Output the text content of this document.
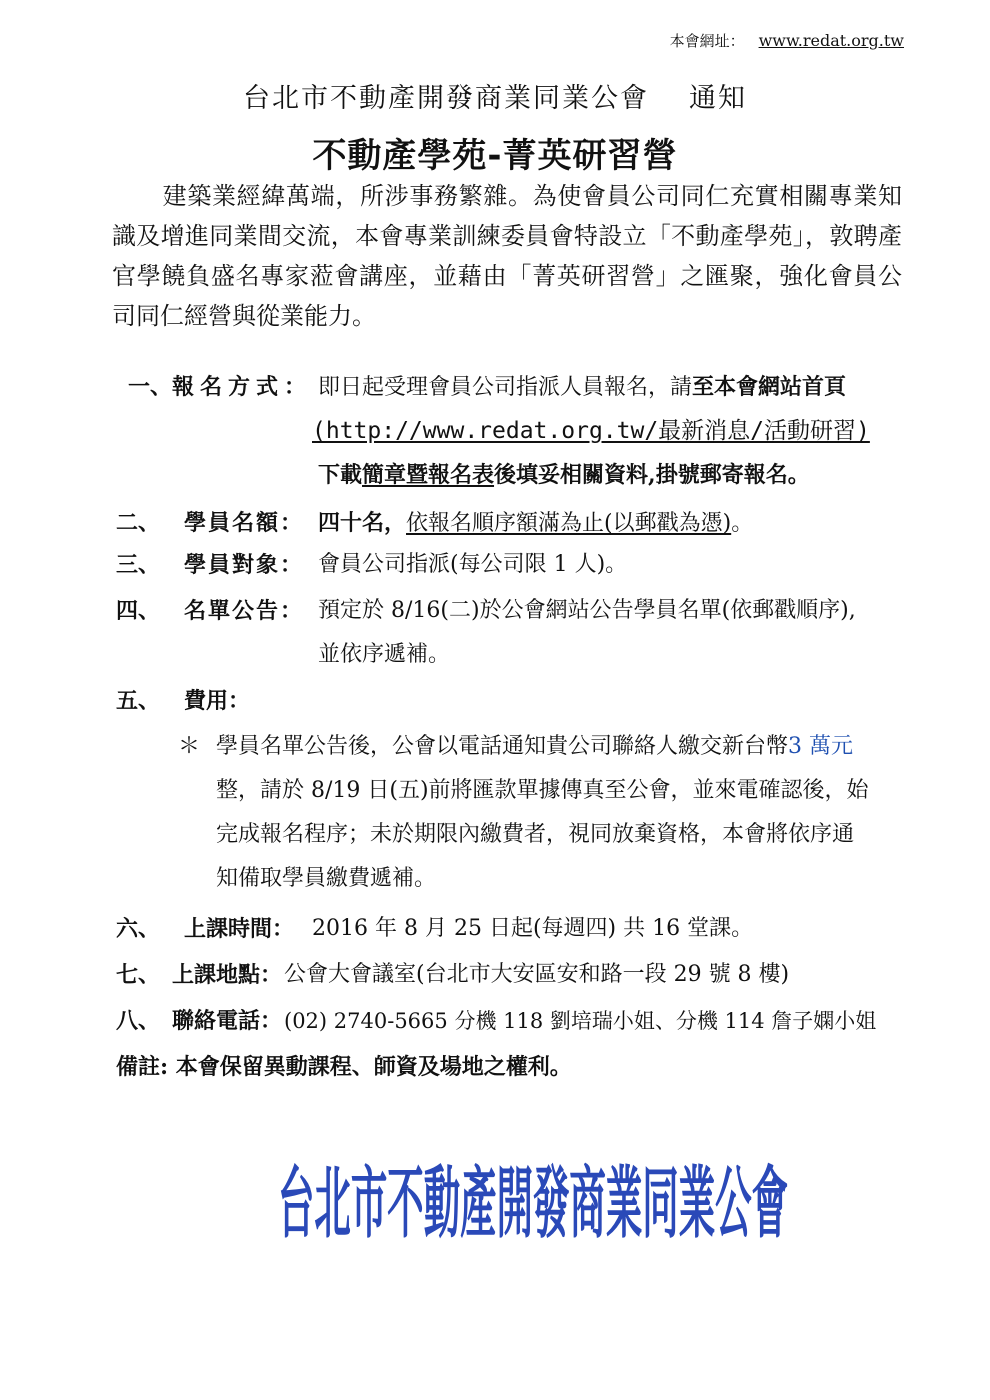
本會網址： www.redat.org.tw
台北市不動產開發商業同業公會 通知
不動產學苑-菁英研習營
建築業經緯萬端，所涉事務繁雜。為使會員公司同仁充實相關專業知識及增進同業間交流，本會專業訓練委員會特設立「不動產學苑」，敦聘產官學饒負盛名專家蒞會講座，並藉由「菁英研習營」之匯聚，強化會員公司同仁經營與從業能力。
一、報名方式： 即日起受理會員公司指派人員報名，請至本會網站首頁
(http://www.redat.org.tw/最新消息/活動研習)
下載簡章暨報名表後填妥相關資料,掛號郵寄報名。
二、 學員名額： 四十名，依報名順序額滿為止(以郵戳為憑)。
三、 學員對象： 會員公司指派(每公司限 1 人)。
四、 名單公告： 預定於 8/16(二)於公會網站公告學員名單(依郵戳順序),
並依序遞補。
五、 費用：
＊ 學員名單公告後，公會以電話通知貴公司聯絡人繳交新台幣3 萬元
整，請於 8/19 日(五)前將匯款單據傳真至公會，並來電確認後，始
完成報名程序；未於期限內繳費者，視同放棄資格，本會將依序通
知備取學員繳費遞補。
六、 上課時間： 2016 年 8 月 25 日起(每週四) 共 16 堂課。
七、 上課地點： 公會大會議室(台北市大安區安和路一段 29 號 8 樓)
八、 聯絡電話： (02) 2740-5665 分機 118 劉培瑞小姐、分機 114 詹子嫻小姐
備註: 本會保留異動課程、師資及場地之權利。
台北市不動產開發商業同業公會
